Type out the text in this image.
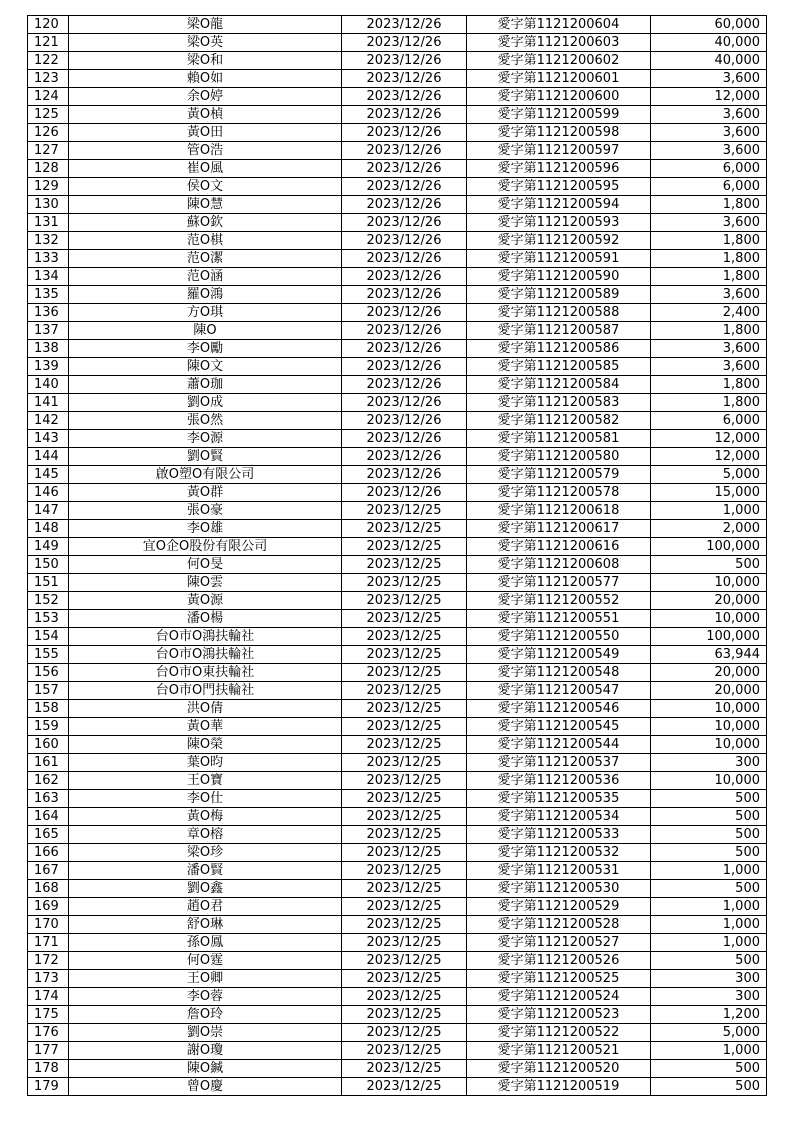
120	梁O龍	2023/12/26	愛字第1121200604	60,000
121	梁O英	2023/12/26	愛字第1121200603	40,000
122	梁O和	2023/12/26	愛字第1121200602	40,000
123	賴O如	2023/12/26	愛字第1121200601	3,600
124	余O婷	2023/12/26	愛字第1121200600	12,000
125	黃O楨	2023/12/26	愛字第1121200599	3,600
126	黃O田	2023/12/26	愛字第1121200598	3,600
127	管O浩	2023/12/26	愛字第1121200597	3,600
128	崔O風	2023/12/26	愛字第1121200596	6,000
129	侯O文	2023/12/26	愛字第1121200595	6,000
130	陳O慧	2023/12/26	愛字第1121200594	1,800
131	蘇O欽	2023/12/26	愛字第1121200593	3,600
132	范O棋	2023/12/26	愛字第1121200592	1,800
133	范O潔	2023/12/26	愛字第1121200591	1,800
134	范O涵	2023/12/26	愛字第1121200590	1,800
135	羅O鴻	2023/12/26	愛字第1121200589	3,600
136	方O琪	2023/12/26	愛字第1121200588	2,400
137	陳O	2023/12/26	愛字第1121200587	1,800
138	李O勵	2023/12/26	愛字第1121200586	3,600
139	陳O文	2023/12/26	愛字第1121200585	3,600
140	蕭O珈	2023/12/26	愛字第1121200584	1,800
141	劉O成	2023/12/26	愛字第1121200583	1,800
142	張O然	2023/12/26	愛字第1121200582	6,000
143	李O源	2023/12/26	愛字第1121200581	12,000
144	劉O賢	2023/12/26	愛字第1121200580	12,000
145	啟O塑O有限公司	2023/12/26	愛字第1121200579	5,000
146	黃O群	2023/12/26	愛字第1121200578	15,000
147	張O豪	2023/12/25	愛字第1121200618	1,000
148	李O雄	2023/12/25	愛字第1121200617	2,000
149	宜O企O股份有限公司	2023/12/25	愛字第1121200616	100,000
150	何O旻	2023/12/25	愛字第1121200608	500
151	陳O雲	2023/12/25	愛字第1121200577	10,000
152	黃O源	2023/12/25	愛字第1121200552	20,000
153	潘O楊	2023/12/25	愛字第1121200551	10,000
154	台O市O鴻扶輪社	2023/12/25	愛字第1121200550	100,000
155	台O市O鴻扶輪社	2023/12/25	愛字第1121200549	63,944
156	台O市O東扶輪社	2023/12/25	愛字第1121200548	20,000
157	台O市O門扶輪社	2023/12/25	愛字第1121200547	20,000
158	洪O倩	2023/12/25	愛字第1121200546	10,000
159	黃O華	2023/12/25	愛字第1121200545	10,000
160	陳O榮	2023/12/25	愛字第1121200544	10,000
161	葉O昀	2023/12/25	愛字第1121200537	300
162	王O寶	2023/12/25	愛字第1121200536	10,000
163	李O仕	2023/12/25	愛字第1121200535	500
164	黃O梅	2023/12/25	愛字第1121200534	500
165	章O榕	2023/12/25	愛字第1121200533	500
166	梁O珍	2023/12/25	愛字第1121200532	500
167	潘O賢	2023/12/25	愛字第1121200531	1,000
168	劉O鑫	2023/12/25	愛字第1121200530	500
169	趙O君	2023/12/25	愛字第1121200529	1,000
170	舒O琳	2023/12/25	愛字第1121200528	1,000
171	孫O鳳	2023/12/25	愛字第1121200527	1,000
172	何O霆	2023/12/25	愛字第1121200526	500
173	王O卿	2023/12/25	愛字第1121200525	300
174	李O蓉	2023/12/25	愛字第1121200524	300
175	詹O玲	2023/12/25	愛字第1121200523	1,200
176	劉O崇	2023/12/25	愛字第1121200522	5,000
177	謝O瓊	2023/12/25	愛字第1121200521	1,000
178	陳O鍼	2023/12/25	愛字第1121200520	500
179	曾O慶	2023/12/25	愛字第1121200519	500
